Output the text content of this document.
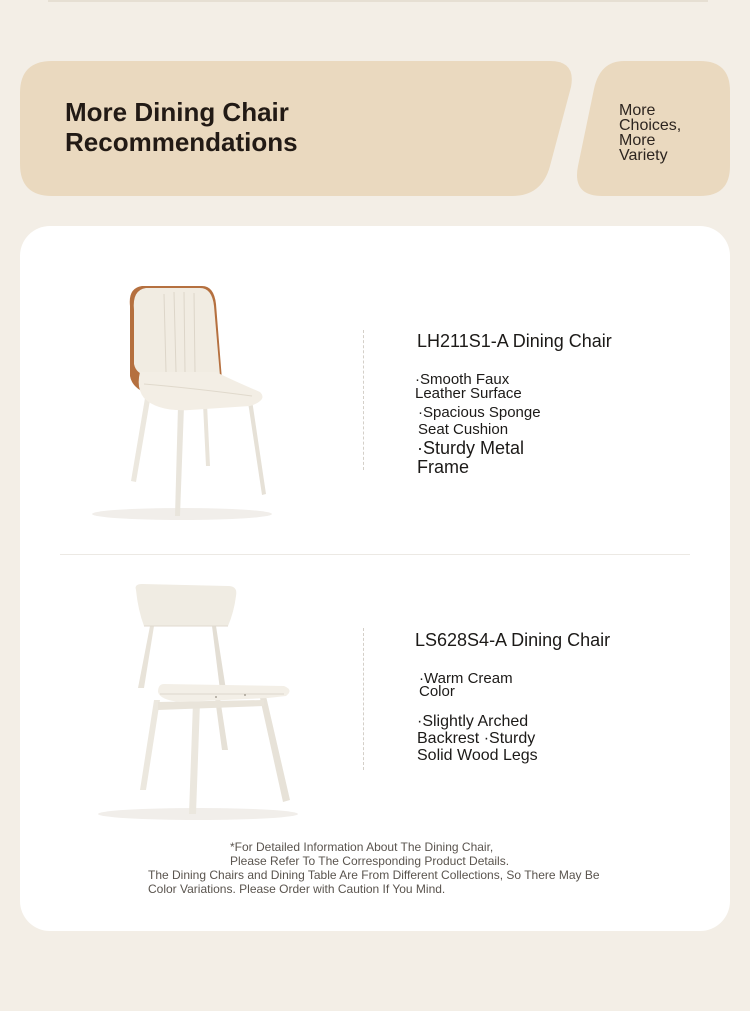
More Dining Chair
Recommendations
More
Choices,
More
Variety
LH211S1-A Dining Chair
·Smooth Faux
Leather Surface
·Spacious Sponge
Seat Cushion
·Sturdy Metal
Frame
LS628S4-A Dining Chair
·Warm Cream
Color
·Slightly Arched
Backrest ·Sturdy
Solid Wood Legs
*For Detailed Information About The Dining Chair,
Please Refer To The Corresponding Product Details.
The Dining Chairs and Dining Table Are From Different Collections, So There May Be
Color Variations. Please Order with Caution If You Mind.
